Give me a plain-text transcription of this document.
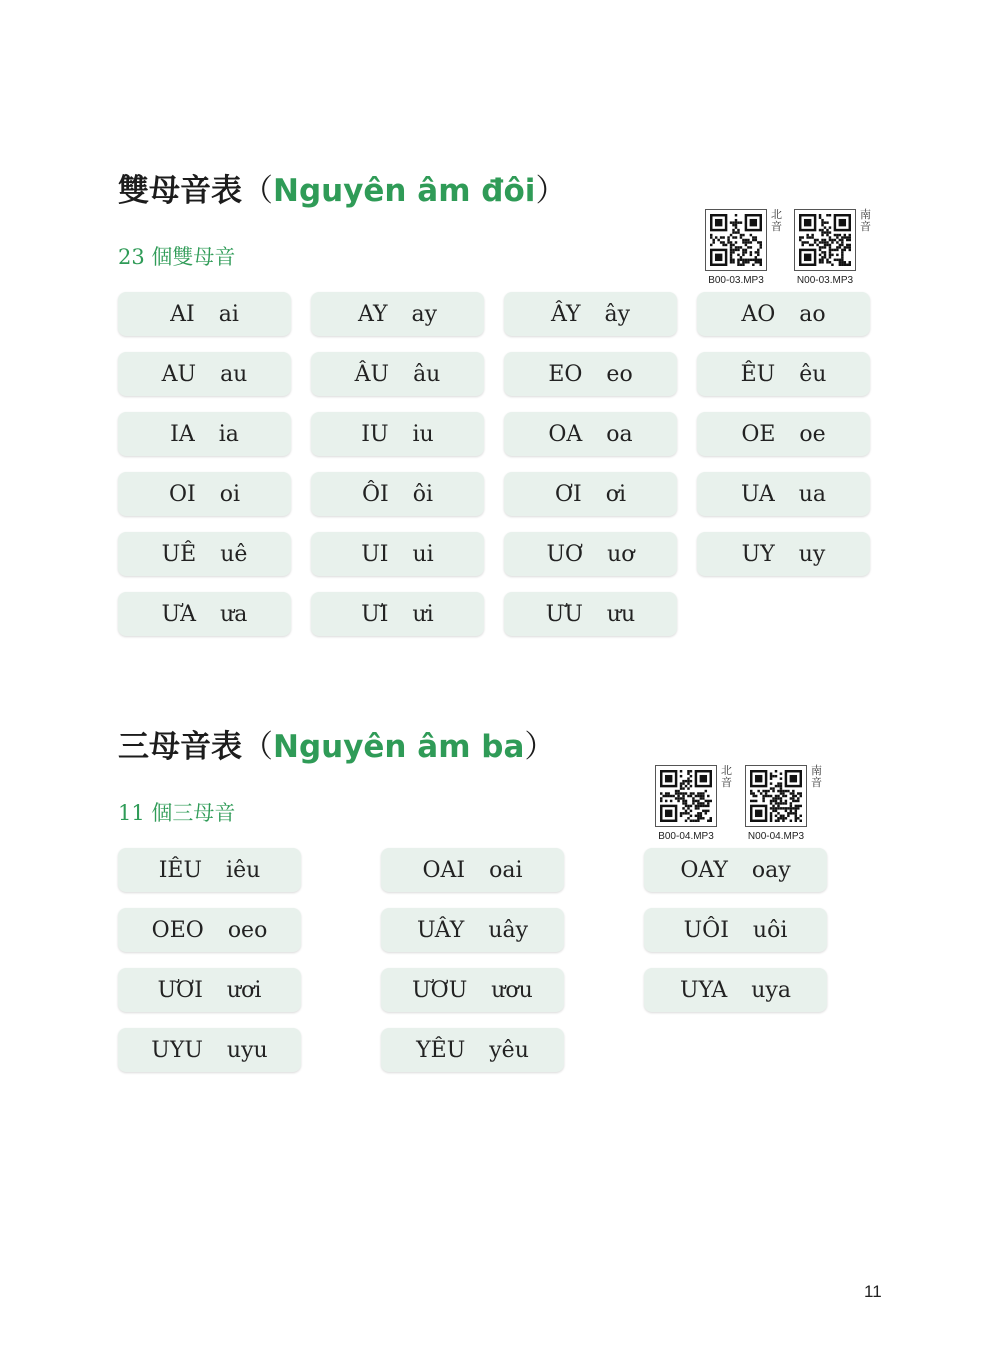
雙母音表（Nguyên âm đôi）
23 個雙母音
北音
B00-03.MP3
南音
N00-03.MP3
AI ai	AY ay	ÂY ây	AO ao
AU au	ÂU âu	EO eo	ÊU êu
IA ia	IU iu	OA oa	OE oe
OI oi	ÔI ôi	ƠI ơi	UA ua
UÊ uê	UI ui	UƠ uơ	UY uy
ƯA ưa	ƯI ưi	ƯU ưu
三母音表（Nguyên âm ba）
11 個三母音
北音
B00-04.MP3
南音
N00-04.MP3
IÊU iêu	OAI oai	OAY oay
OEO oeo	UÂY uây	UÔI uôi
ƯƠI ươi	ƯƠU ươu	UYA uya
UYU uyu	YÊU yêu
11
